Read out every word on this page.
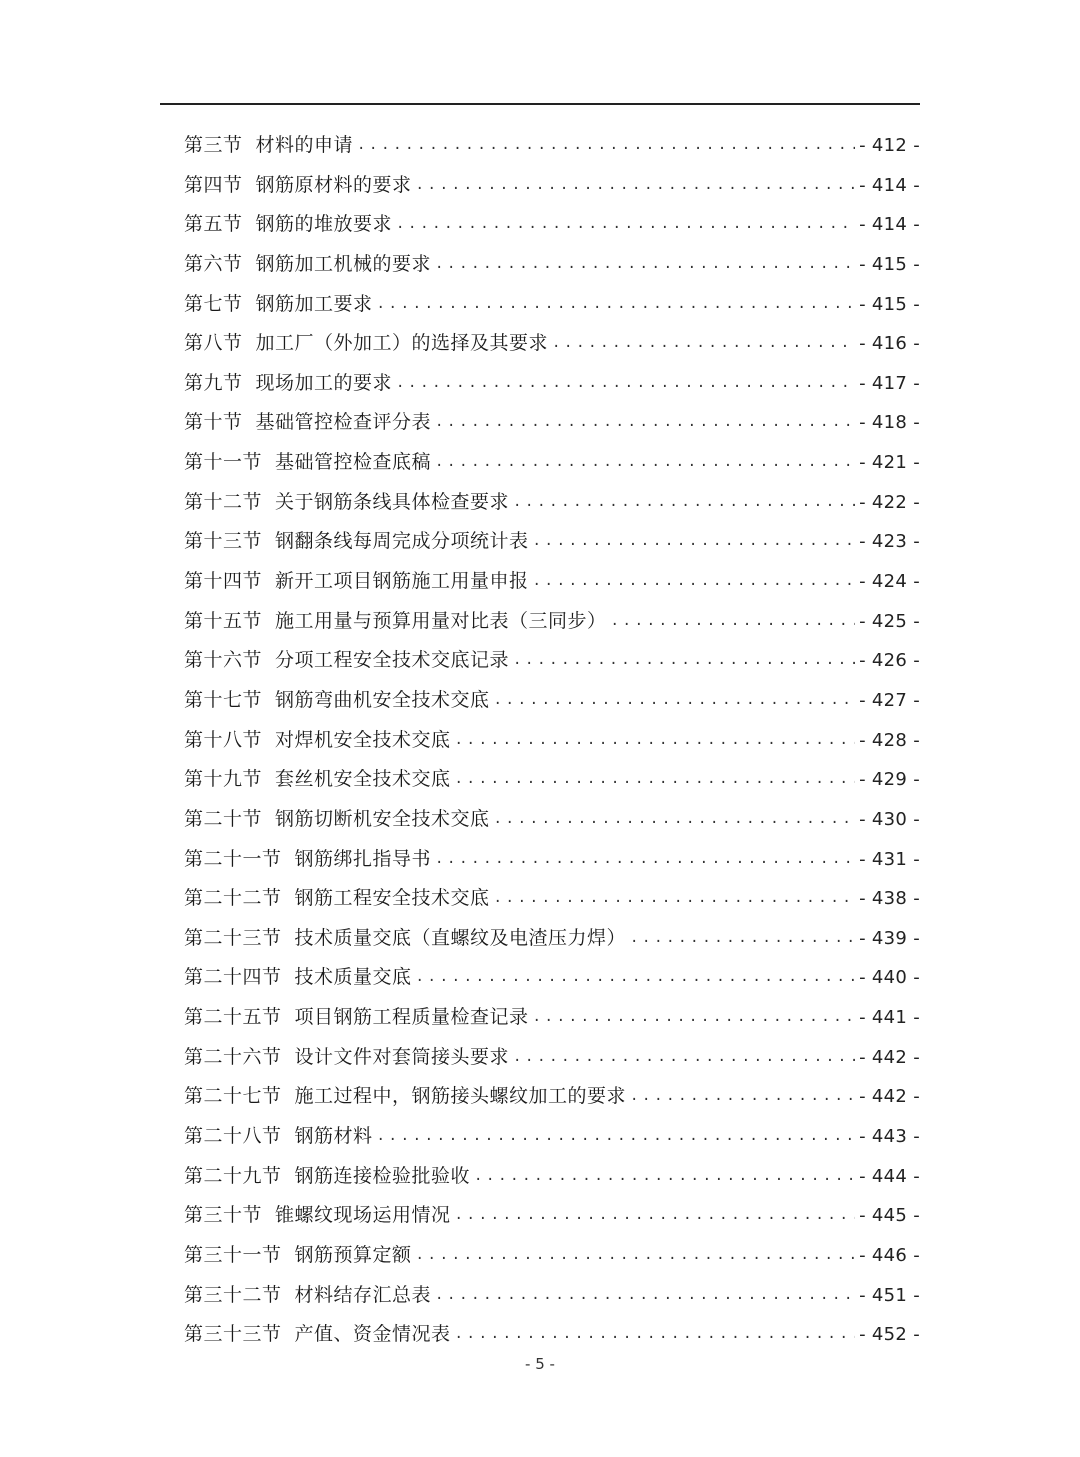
第三节 材料的申请 .....	- 412 -
第四节 钢筋原材料的要求 .....	- 414 -
第五节 钢筋的堆放要求 .....	- 414 -
第六节 钢筋加工机械的要求 .....	- 415 -
第七节 钢筋加工要求 .....	- 415 -
第八节 加工厂（外加工）的选择及其要求 .....	- 416 -
第九节 现场加工的要求 .....	- 417 -
第十节 基础管控检查评分表 .....	- 418 -
第十一节 基础管控检查底稿 .....	- 421 -
第十二节 关于钢筋条线具体检查要求 .....	- 422 -
第十三节 钢翻条线每周完成分项统计表 .....	- 423 -
第十四节 新开工项目钢筋施工用量申报 .....	- 424 -
第十五节 施工用量与预算用量对比表（三同步） .....	- 425 -
第十六节 分项工程安全技术交底记录 .....	- 426 -
第十七节 钢筋弯曲机安全技术交底 .....	- 427 -
第十八节 对焊机安全技术交底 .....	- 428 -
第十九节 套丝机安全技术交底 .....	- 429 -
第二十节 钢筋切断机安全技术交底 .....	- 430 -
第二十一节 钢筋绑扎指导书 .....	- 431 -
第二十二节 钢筋工程安全技术交底 .....	- 438 -
第二十三节 技术质量交底（直螺纹及电渣压力焊） .....	- 439 -
第二十四节 技术质量交底 .....	- 440 -
第二十五节 项目钢筋工程质量检查记录 .....	- 441 -
第二十六节 设计文件对套筒接头要求 .....	- 442 -
第二十七节 施工过程中，钢筋接头螺纹加工的要求 .....	- 442 -
第二十八节 钢筋材料 .....	- 443 -
第二十九节 钢筋连接检验批验收 .....	- 444 -
第三十节 锥螺纹现场运用情况 .....	- 445 -
第三十一节 钢筋预算定额 .....	- 446 -
第三十二节 材料结存汇总表 .....	- 451 -
第三十三节 产值、资金情况表 .....	- 452 -
- 5 -
